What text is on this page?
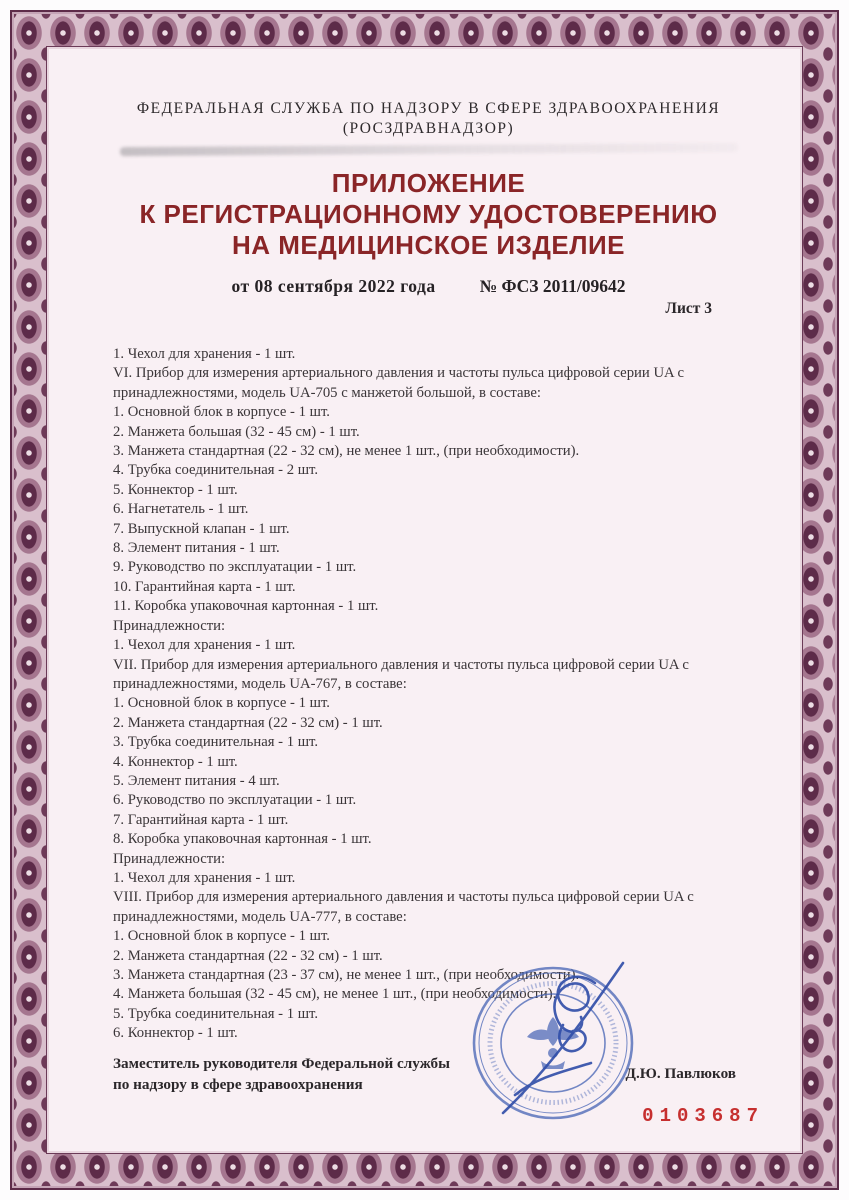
ФЕДЕРАЛЬНАЯ СЛУЖБА ПО НАДЗОРУ В СФЕРЕ ЗДРАВООХРАНЕНИЯ
(РОСЗДРАВНАДЗОР)
ПРИЛОЖЕНИЕ
К РЕГИСТРАЦИОННОМУ УДОСТОВЕРЕНИЮ
НА МЕДИЦИНСКОЕ ИЗДЕЛИЕ
от 08 сентября 2022 года	№ ФСЗ 2011/09642
Лист 3
1. Чехол для хранения - 1 шт.
VI. Прибор для измерения артериального давления и частоты пульса цифровой серии UA с принадлежностями, модель UA-705 с манжетой большой, в составе:
1. Основной блок в корпусе - 1 шт.
2. Манжета большая (32 - 45 см) - 1 шт.
3. Манжета стандартная (22 - 32 см), не менее 1 шт., (при необходимости).
4. Трубка соединительная - 2 шт.
5. Коннектор - 1 шт.
6. Нагнетатель - 1 шт.
7. Выпускной клапан - 1 шт.
8. Элемент питания - 1 шт.
9. Руководство по эксплуатации - 1 шт.
10. Гарантийная карта - 1 шт.
11. Коробка упаковочная картонная - 1 шт.
Принадлежности:
1. Чехол для хранения - 1 шт.
VII. Прибор для измерения артериального давления и частоты пульса цифровой серии UA с принадлежностями, модель UA-767, в составе:
1. Основной блок в корпусе - 1 шт.
2. Манжета стандартная (22 - 32 см) - 1 шт.
3. Трубка соединительная - 1 шт.
4. Коннектор - 1 шт.
5. Элемент питания - 4 шт.
6. Руководство по эксплуатации - 1 шт.
7. Гарантийная карта - 1 шт.
8. Коробка упаковочная картонная - 1 шт.
Принадлежности:
1. Чехол для хранения - 1 шт.
VIII. Прибор для измерения артериального давления и частоты пульса цифровой серии UA с принадлежностями, модель UA-777, в составе:
1. Основной блок в корпусе - 1 шт.
2. Манжета стандартная (22 - 32 см) - 1 шт.
3. Манжета стандартная (23 - 37 см), не менее 1 шт., (при необходимости).
4. Манжета большая (32 - 45 см), не менее 1 шт., (при необходимости).
5. Трубка соединительная - 1 шт.
6. Коннектор - 1 шт.
Заместитель руководителя Федеральной службы
по надзору в сфере здравоохранения
Д.Ю. Павлюков
0103687
